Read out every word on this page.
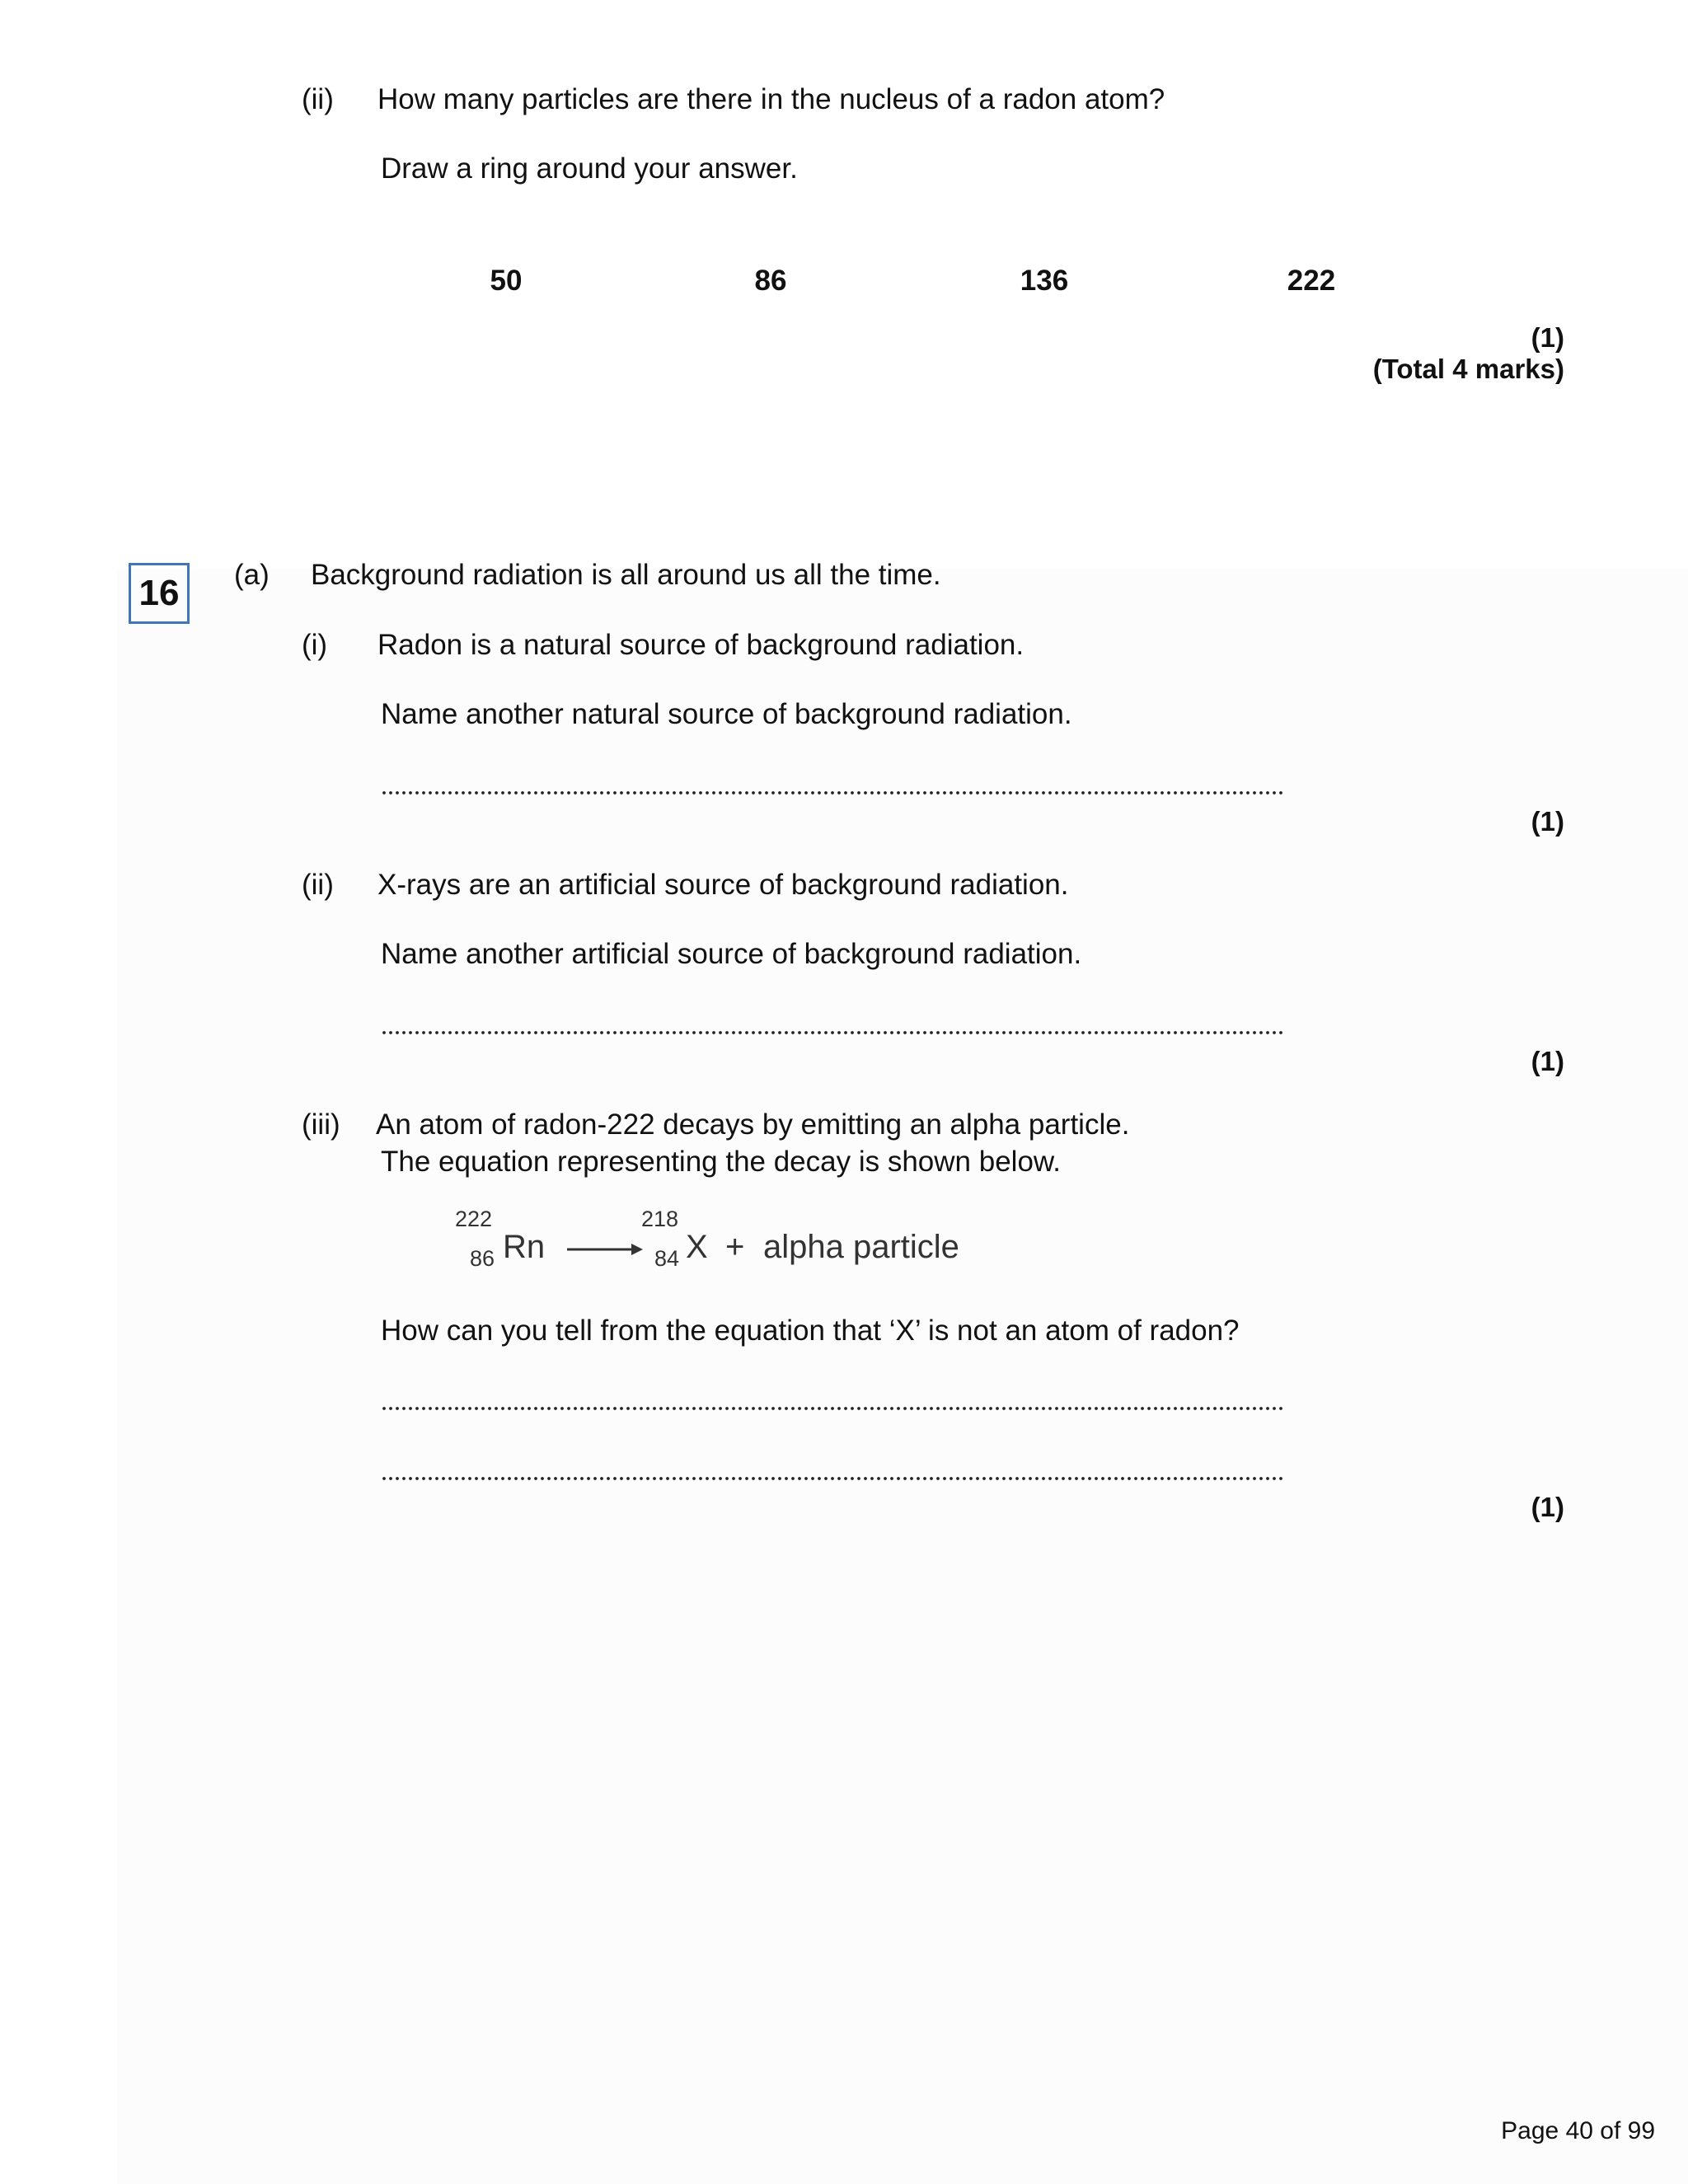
(ii) How many particles are there in the nucleus of a radon atom?
Draw a ring around your answer.
50	86	136	222
(1)
(Total 4 marks)
16 (a) Background radiation is all around us all the time.
(i) Radon is a natural source of background radiation.
Name another natural source of background radiation.
(1)
(ii) X-rays are an artificial source of background radiation.
Name another artificial source of background radiation.
(1)
(iii) An atom of radon-222 decays by emitting an alpha particle.
The equation representing the decay is shown below.
222
86 Rn
218
84 X + alpha particle
How can you tell from the equation that ‘X’ is not an atom of radon?
(1)
Page 40 of 99
